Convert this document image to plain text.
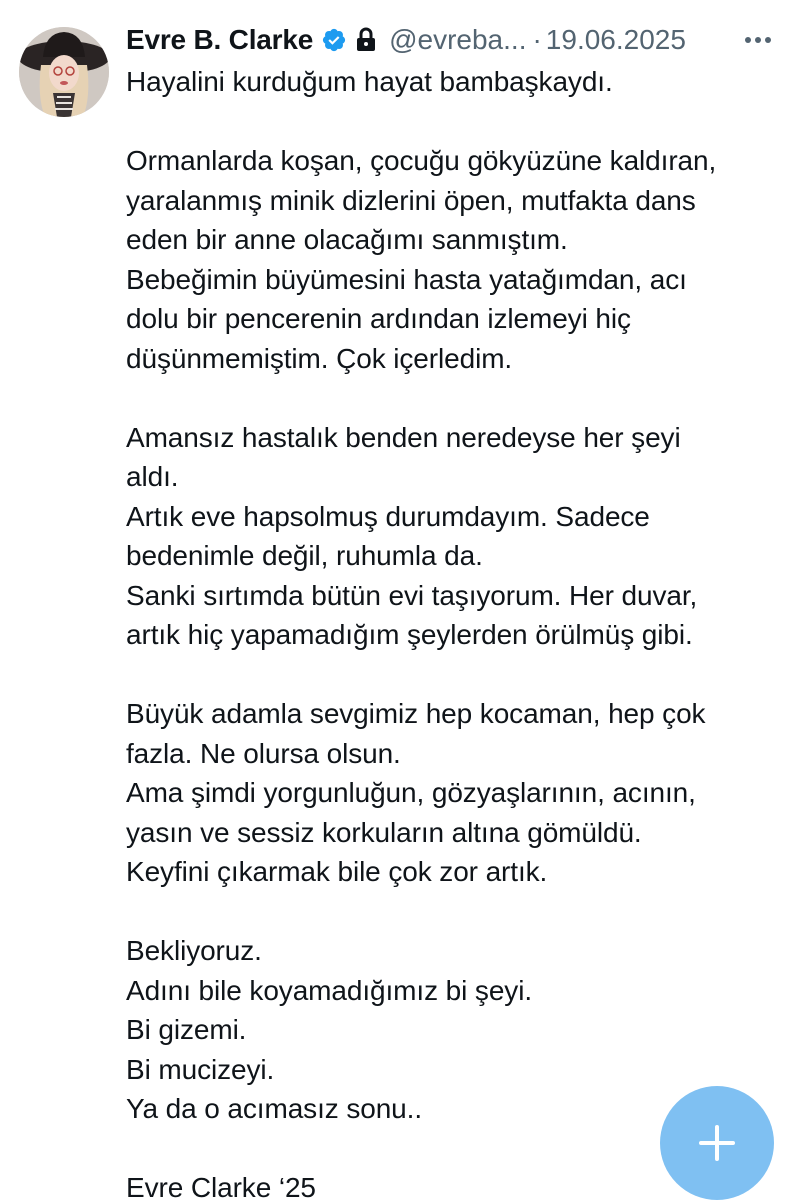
Evre B. Clarke	@evreba... · 19.06.2025

Hayalini kurduğum hayat bambaşkaydı.

Ormanlarda koşan, çocuğu gökyüzüne kaldıran,

yaralanmış minik dizlerini öpen, mutfakta dans

eden bir anne olacağımı sanmıştım.

Bebeğimin büyümesini hasta yatağımdan, acı

dolu bir pencerenin ardından izlemeyi hiç

düşünmemiştim. Çok içerledim.

Amansız hastalık benden neredeyse her şeyi

aldı.

Artık eve hapsolmuş durumdayım. Sadece

bedenimle değil, ruhumla da.

Sanki sırtımda bütün evi taşıyorum. Her duvar,

artık hiç yapamadığım şeylerden örülmüş gibi.

Büyük adamla sevgimiz hep kocaman, hep çok

fazla. Ne olursa olsun.

Ama şimdi yorgunluğun, gözyaşlarının, acının,

yasın ve sessiz korkuların altına gömüldü.

Keyfini çıkarmak bile çok zor artık.

Bekliyoruz.

Adını bile koyamadığımız bi şeyi.

Bi gizemi.

Bi mucizeyi.

Ya da o acımasız sonu..

Evre Clarke ‘25
